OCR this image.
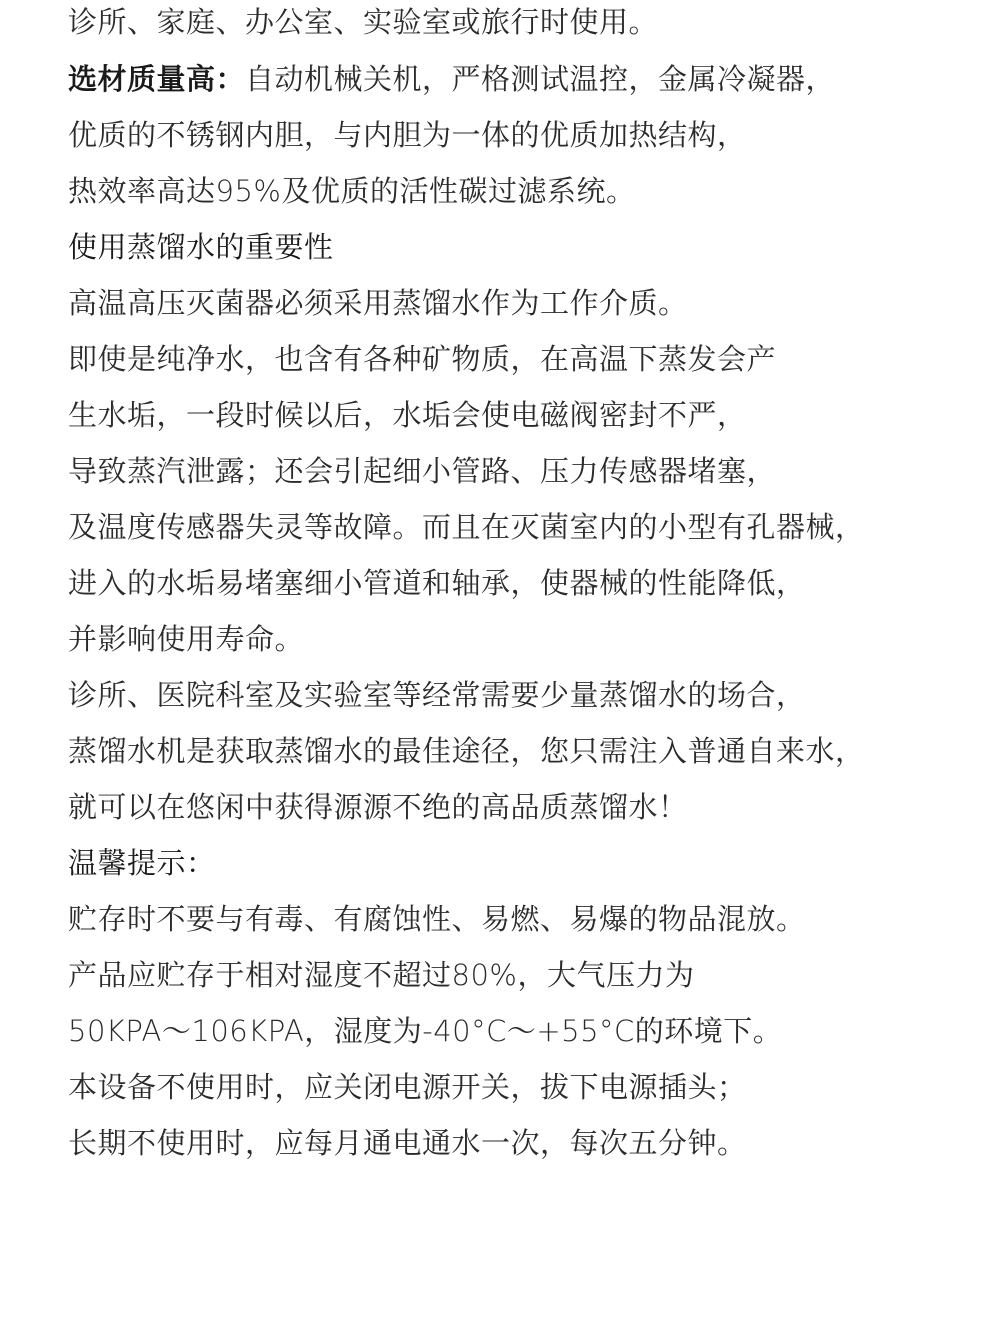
诊所、家庭、办公室、实验室或旅行时使用。
选材质量高：自动机械关机，严格测试温控，金属冷凝器，
优质的不锈钢内胆，与内胆为一体的优质加热结构，
热效率高达95%及优质的活性碳过滤系统。
使用蒸馏水的重要性
高温高压灭菌器必须采用蒸馏水作为工作介质。
即使是纯净水，也含有各种矿物质，在高温下蒸发会产
生水垢，一段时候以后，水垢会使电磁阀密封不严，
导致蒸汽泄露；还会引起细小管路、压力传感器堵塞，
及温度传感器失灵等故障。而且在灭菌室内的小型有孔器械，
进入的水垢易堵塞细小管道和轴承，使器械的性能降低，
并影响使用寿命。
诊所、医院科室及实验室等经常需要少量蒸馏水的场合，
蒸馏水机是获取蒸馏水的最佳途径，您只需注入普通自来水，
就可以在悠闲中获得源源不绝的高品质蒸馏水！
温馨提示：
贮存时不要与有毒、有腐蚀性、易燃、易爆的物品混放。
产品应贮存于相对湿度不超过80%，大气压力为
50KPA～106KPA，湿度为-40°C～+55°C的环境下。
本设备不使用时，应关闭电源开关，拔下电源插头；
长期不使用时，应每月通电通水一次，每次五分钟。
